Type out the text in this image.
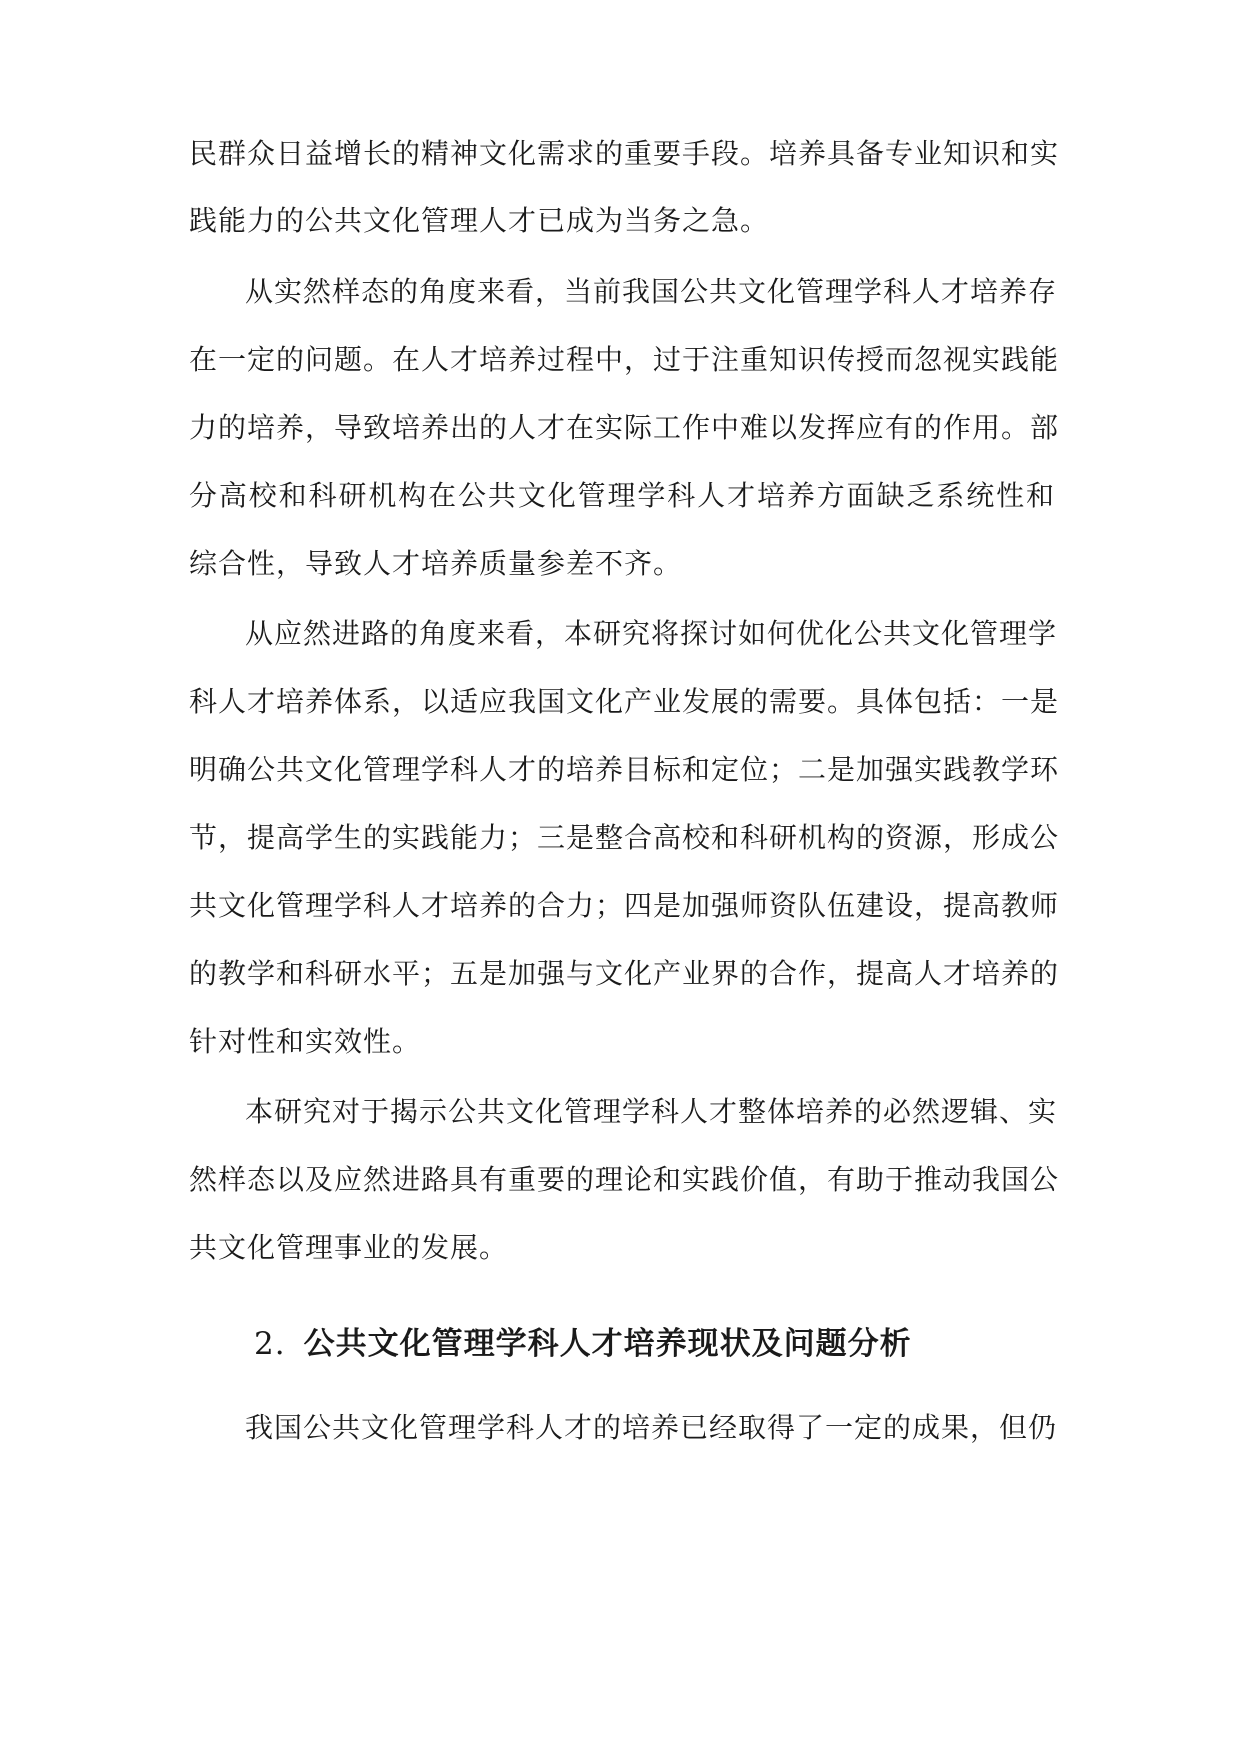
民群众日益增长的精神文化需求的重要手段。培养具备专业知识和实
践能力的公共文化管理人才已成为当务之急。
从实然样态的角度来看，当前我国公共文化管理学科人才培养存
在一定的问题。在人才培养过程中，过于注重知识传授而忽视实践能
力的培养，导致培养出的人才在实际工作中难以发挥应有的作用。部
分高校和科研机构在公共文化管理学科人才培养方面缺乏系统性和
综合性，导致人才培养质量参差不齐。
从应然进路的角度来看，本研究将探讨如何优化公共文化管理学
科人才培养体系，以适应我国文化产业发展的需要。具体包括：一是
明确公共文化管理学科人才的培养目标和定位；二是加强实践教学环
节，提高学生的实践能力；三是整合高校和科研机构的资源，形成公
共文化管理学科人才培养的合力；四是加强师资队伍建设，提高教师
的教学和科研水平；五是加强与文化产业界的合作，提高人才培养的
针对性和实效性。
本研究对于揭示公共文化管理学科人才整体培养的必然逻辑、实
然样态以及应然进路具有重要的理论和实践价值，有助于推动我国公
共文化管理事业的发展。
2. 公共文化管理学科人才培养现状及问题分析
我国公共文化管理学科人才的培养已经取得了一定的成果，但仍
